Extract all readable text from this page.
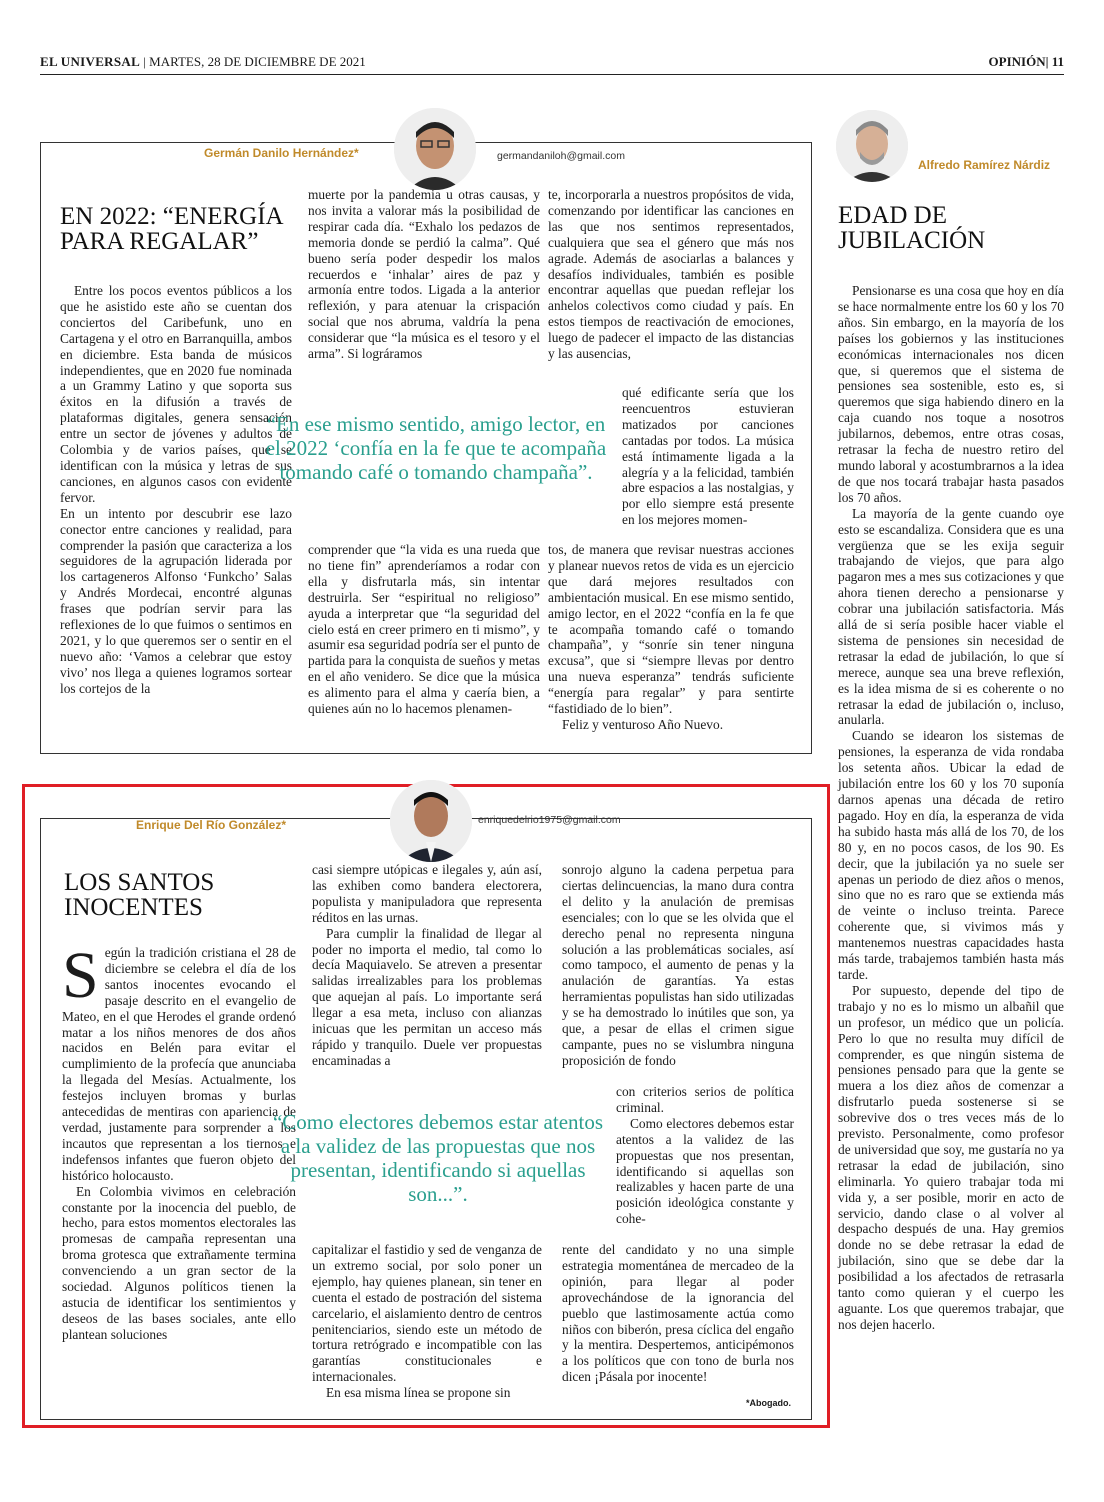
EL UNIVERSAL | MARTES, 28 DE DICIEMBRE DE 2021	OPINIÓN| 11
Germán Danilo Hernández*	germandaniloh@gmail.com
EN 2022: “ENERGÍA PARA REGALAR”

Entre los pocos eventos públicos a los que he asistido este año se cuentan dos conciertos del Caribefunk, uno en Cartagena y el otro en Barranquilla, ambos en diciembre. Esta banda de músicos independientes, que en 2020 fue nominada a un Grammy Latino y que soporta sus éxitos en la difusión a través de plataformas digitales, genera sensación entre un sector de jóvenes y adultos de Colombia y de varios países, que se identifican con la música y letras de sus canciones, en algunos casos con evidente fervor.

En un intento por descubrir ese lazo conector entre canciones y realidad, para comprender la pasión que caracteriza a los seguidores de la agrupación liderada por los cartageneros Alfonso ‘Funkcho’ Salas y Andrés Mordecai, encontré algunas frases que podrían servir para las reflexiones de lo que fuimos o sentimos en 2021, y lo que queremos ser o sentir en el nuevo año: ‘Vamos a celebrar que estoy vivo’ nos llega a quienes logramos sortear los cortejos de la

muerte por la pandemia u otras causas, y nos invita a valorar más la posibilidad de respirar cada día. “Exhalo los pedazos de memoria donde se perdió la calma”. Qué bueno sería poder despedir los malos recuerdos e ‘inhalar’ aires de paz y armonía entre todos. Ligada a la anterior reflexión, y para atenuar la crispación social que nos abruma, valdría la pena considerar que “la música es el tesoro y el arma”. Si lográramos

“En ese mismo sentido, amigo lector, en el 2022 ‘confía en la fe que te acompaña tomando café o tomando champaña”.

comprender que “la vida es una rueda que no tiene fin” aprenderíamos a rodar con ella y disfrutarla más, sin intentar destruirla. Ser “espiritual no religioso” ayuda a interpretar que “la seguridad del cielo está en creer primero en ti mismo”, y asumir esa seguridad podría ser el punto de partida para la conquista de sueños y metas en el año venidero. Se dice que la música es alimento para el alma y caería bien, a quienes aún no lo hacemos plenamen-

te, incorporarla a nuestros propósitos de vida, comenzando por identificar las canciones en las que nos sentimos representados, cualquiera que sea el género que más nos agrade. Además de asociarlas a balances y desafíos individuales, también es posible encontrar aquellas que puedan reflejar los anhelos colectivos como ciudad y país. En estos tiempos de reactivación de emociones, luego de padecer el impacto de las distancias y las ausencias,

qué edificante sería que los reencuentros estuvieran matizados por canciones cantadas por todos. La música está íntimamente ligada a la alegría y a la felicidad, también abre espacios a las nostalgias, y por ello siempre está presente en los mejores momen-

tos, de manera que revisar nuestras acciones y planear nuevos retos de vida es un ejercicio que dará mejores resultados con ambientación musical. En ese mismo sentido, amigo lector, en el 2022 “confía en la fe que te acompaña tomando café o tomando champaña”, y “sonríe sin tener ninguna excusa”, que si “siempre llevas por dentro una nueva esperanza” tendrás suficiente “energía para regalar” y para sentirte “fastidiado de lo bien”.

Feliz y venturoso Año Nuevo.

Alfredo Ramírez Nárdiz
EDAD DE JUBILACIÓN

Pensionarse es una cosa que hoy en día se hace normalmente entre los 60 y los 70 años. Sin embargo, en la mayoría de los países los gobiernos y las instituciones económicas internacionales nos dicen que, si queremos que el sistema de pensiones sea sostenible, esto es, si queremos que siga habiendo dinero en la caja cuando nos toque a nosotros jubilarnos, debemos, entre otras cosas, retrasar la fecha de nuestro retiro del mundo laboral y acostumbrarnos a la idea de que nos tocará trabajar hasta pasados los 70 años.

La mayoría de la gente cuando oye esto se escandaliza. Considera que es una vergüenza que se les exija seguir trabajando de viejos, que para algo pagaron mes a mes sus cotizaciones y que ahora tienen derecho a pensionarse y cobrar una jubilación satisfactoria. Más allá de si sería posible hacer viable el sistema de pensiones sin necesidad de retrasar la edad de jubilación, lo que sí merece, aunque sea una breve reflexión, es la idea misma de si es coherente o no retrasar la edad de jubilación o, incluso, anularla.

Cuando se idearon los sistemas de pensiones, la esperanza de vida rondaba los setenta años. Ubicar la edad de jubilación entre los 60 y los 70 suponía darnos apenas una década de retiro pagado. Hoy en día, la esperanza de vida ha subido hasta más allá de los 70, de los 80 y, en no pocos casos, de los 90. Es decir, que la jubilación ya no suele ser apenas un periodo de diez años o menos, sino que no es raro que se extienda más de veinte o incluso treinta. Parece coherente que, si vivimos más y mantenemos nuestras capacidades hasta más tarde, trabajemos también hasta más tarde.

Por supuesto, depende del tipo de trabajo y no es lo mismo un albañil que un profesor, un médico que un policía. Pero lo que no resulta muy difícil de comprender, es que ningún sistema de pensiones pensado para que la gente se muera a los diez años de comenzar a disfrutarlo pueda sostenerse si se sobrevive dos o tres veces más de lo previsto. Personalmente, como profesor de universidad que soy, me gustaría no ya retrasar la edad de jubilación, sino eliminarla. Yo quiero trabajar toda mi vida y, a ser posible, morir en acto de servicio, dando clase o al volver al despacho después de una. Hay gremios donde no se debe retrasar la edad de jubilación, sino que se debe dar la posibilidad a los afectados de retrasarla tanto como quieran y el cuerpo les aguante. Los que queremos trabajar, que nos dejen hacerlo.

Enrique Del Río González*	enriquedelrio1975@gmail.com
LOS SANTOS INOCENTES

Según la tradición cristiana el 28 de diciembre se celebra el día de los santos inocentes evocando el pasaje descrito en el evangelio de Mateo, en el que Herodes el grande ordenó matar a los niños menores de dos años nacidos en Belén para evitar el cumplimiento de la profecía que anunciaba la llegada del Mesías. Actualmente, los festejos incluyen bromas y burlas antecedidas de mentiras con apariencia de verdad, justamente para sorprender a los incautos que representan a los tiernos e indefensos infantes que fueron objeto del histórico holocausto.

En Colombia vivimos en celebración constante por la inocencia del pueblo, de hecho, para estos momentos electorales las promesas de campaña representan una broma grotesca que extrañamente termina convenciendo a un gran sector de la sociedad. Algunos políticos tienen la astucia de identificar los sentimientos y deseos de las bases sociales, ante ello plantean soluciones

casi siempre utópicas e ilegales y, aún así, las exhiben como bandera electorera, populista y manipuladora que representa réditos en las urnas.

Para cumplir la finalidad de llegar al poder no importa el medio, tal como lo decía Maquiavelo. Se atreven a presentar salidas irrealizables para los problemas que aquejan al país. Lo importante será llegar a esa meta, incluso con alianzas inicuas que les permitan un acceso más rápido y tranquilo. Duele ver propuestas encaminadas a

“Como electores debemos estar atentos a la validez de las propuestas que nos presentan, identificando si aquellas son...”.

capitalizar el fastidio y sed de venganza de un extremo social, por solo poner un ejemplo, hay quienes planean, sin tener en cuenta el estado de postración del sistema carcelario, el aislamiento dentro de centros penitenciarios, siendo este un método de tortura retrógrado e incompatible con las garantías constitucionales e internacionales.

En esa misma línea se propone sin

sonrojo alguno la cadena perpetua para ciertas delincuencias, la mano dura contra el delito y la anulación de premisas esenciales; con lo que se les olvida que el derecho penal no representa ninguna solución a las problemáticas sociales, así como tampoco, el aumento de penas y la anulación de garantías. Ya estas herramientas populistas han sido utilizadas y se ha demostrado lo inútiles que son, ya que, a pesar de ellas el crimen sigue campante, pues no se vislumbra ninguna proposición de fondo

con criterios serios de política criminal.

Como electores debemos estar atentos a la validez de las propuestas que nos presentan, identificando si aquellas son realizables y hacen parte de una posición ideológica constante y cohe-

rente del candidato y no una simple estrategia momentánea de mercadeo de la opinión, para llegar al poder aprovechándose de la ignorancia del pueblo que lastimosamente actúa como niños con biberón, presa cíclica del engaño y la mentira. Despertemos, anticipémonos a los políticos que con tono de burla nos dicen ¡Pásala por inocente!

*Abogado.
